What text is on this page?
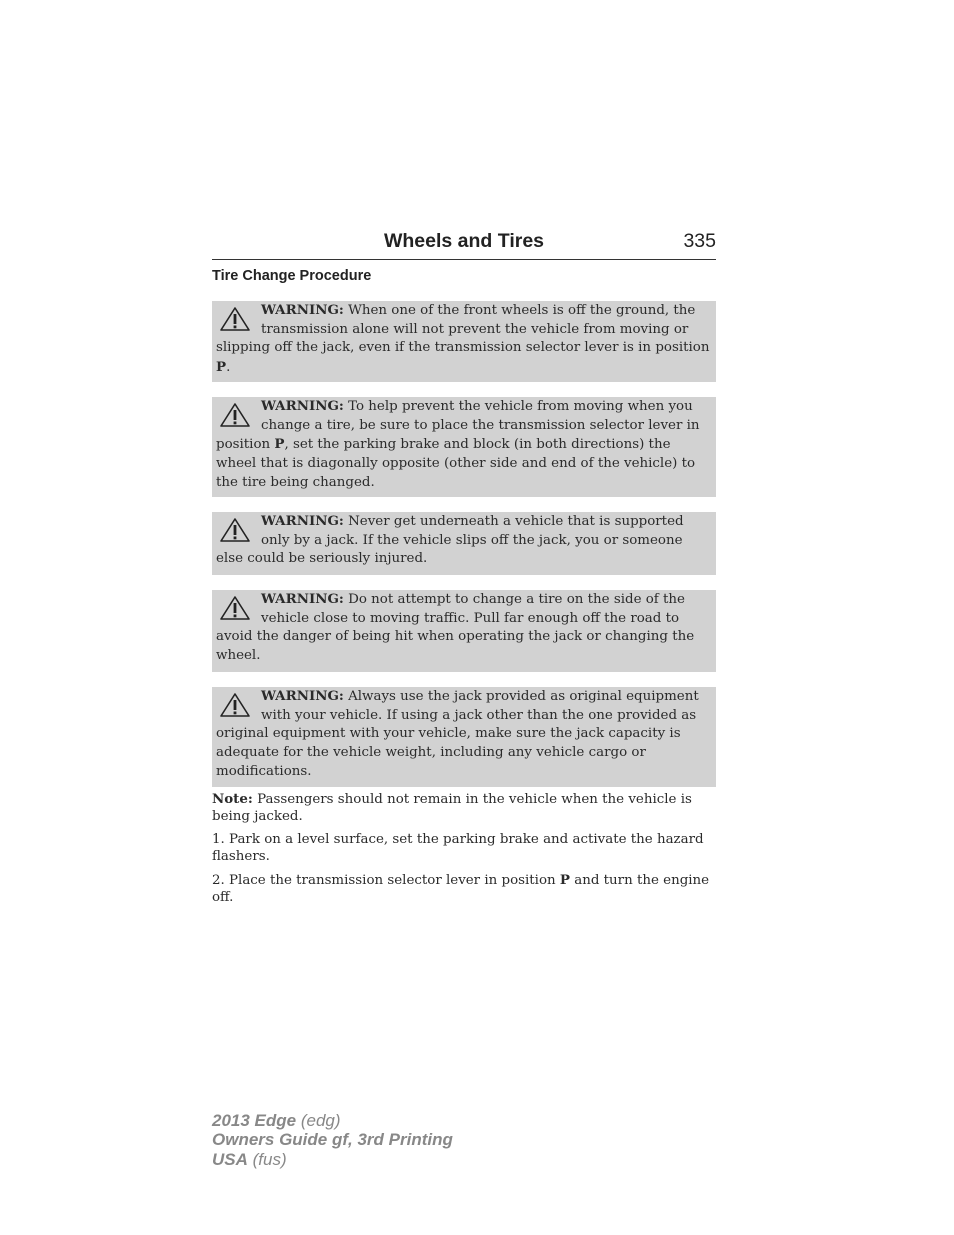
Wheels and Tires	335
Tire Change Procedure
WARNING: When one of the front wheels is off the ground, the transmission alone will not prevent the vehicle from moving or slipping off the jack, even if the transmission selector lever is in position P.
WARNING: To help prevent the vehicle from moving when you change a tire, be sure to place the transmission selector lever in position P, set the parking brake and block (in both directions) the wheel that is diagonally opposite (other side and end of the vehicle) to the tire being changed.
WARNING: Never get underneath a vehicle that is supported only by a jack. If the vehicle slips off the jack, you or someone else could be seriously injured.
WARNING: Do not attempt to change a tire on the side of the vehicle close to moving traffic. Pull far enough off the road to avoid the danger of being hit when operating the jack or changing the wheel.
WARNING: Always use the jack provided as original equipment with your vehicle. If using a jack other than the one provided as original equipment with your vehicle, make sure the jack capacity is adequate for the vehicle weight, including any vehicle cargo or modifications.
Note: Passengers should not remain in the vehicle when the vehicle is being jacked.
1. Park on a level surface, set the parking brake and activate the hazard flashers.
2. Place the transmission selector lever in position P and turn the engine off.
2013 Edge (edg)
Owners Guide gf, 3rd Printing
USA (fus)
